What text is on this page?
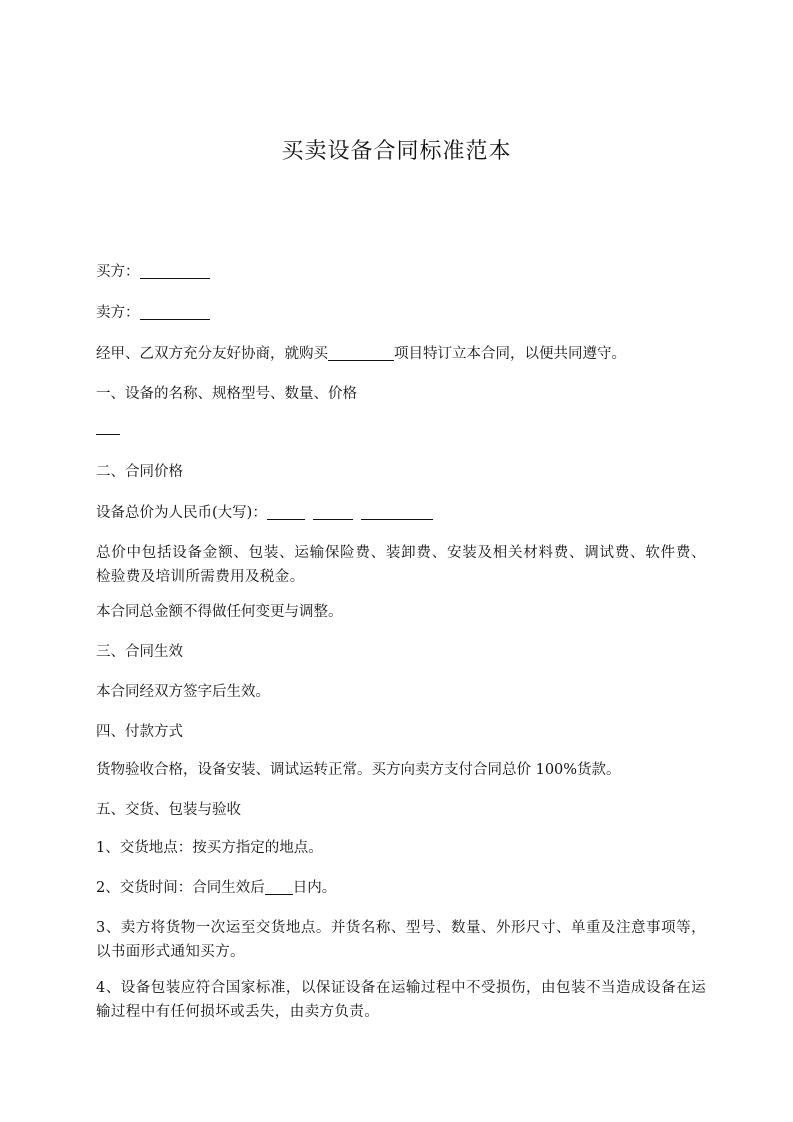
买卖设备合同标准范本
买方：
卖方：
经甲、乙双方充分友好协商，就购买	项目特订立本合同，以便共同遵守。
一、设备的名称、规格型号、数量、价格
二、合同价格
设备总价为人民币(大写)：
总价中包括设备金额、包装、运输保险费、装卸费、安装及相关材料费、调试费、软件费、检验费及培训所需费用及税金。
本合同总金额不得做任何变更与调整。
三、合同生效
本合同经双方签字后生效。
四、付款方式
货物验收合格，设备安装、调试运转正常。买方向卖方支付合同总价 100%货款。
五、交货、包装与验收
1、交货地点：按买方指定的地点。
2、交货时间：合同生效后 日内。
3、卖方将货物一次运至交货地点。并货名称、型号、数量、外形尺寸、单重及注意事项等，以书面形式通知买方。
4、设备包装应符合国家标准，以保证设备在运输过程中不受损伤，由包装不当造成设备在运输过程中有任何损坏或丢失，由卖方负责。
